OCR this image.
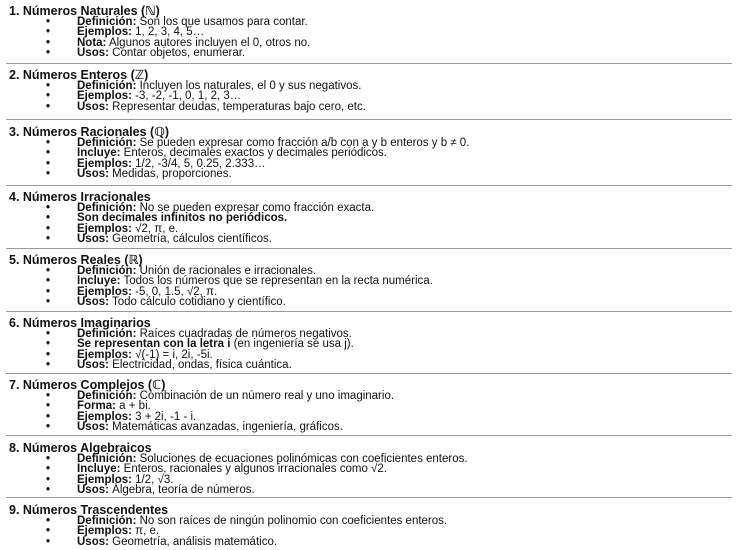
1. Números Naturales (ℕ)
• Definición: Son los que usamos para contar.
• Ejemplos: 1, 2, 3, 4, 5…
• Nota: Algunos autores incluyen el 0, otros no.
• Usos: Contar objetos, enumerar.
2. Números Enteros (ℤ)
• Definición: Incluyen los naturales, el 0 y sus negativos.
• Ejemplos: -3, -2, -1, 0, 1, 2, 3…
• Usos: Representar deudas, temperaturas bajo cero, etc.
3. Números Racionales (ℚ)
• Definición: Se pueden expresar como fracción a/b con a y b enteros y b ≠ 0.
• Incluye: Enteros, decimales exactos y decimales periódicos.
• Ejemplos: 1/2, -3/4, 5, 0.25, 2.333…
• Usos: Medidas, proporciones.
4. Números Irracionales
• Definición: No se pueden expresar como fracción exacta.
• Son decimales infinitos no periódicos.
• Ejemplos: √2, π, e.
• Usos: Geometría, cálculos científicos.
5. Números Reales (ℝ)
• Definición: Unión de racionales e irracionales.
• Incluye: Todos los números que se representan en la recta numérica.
• Ejemplos: -5, 0, 1.5, √2, π.
• Usos: Todo cálculo cotidiano y científico.
6. Números Imaginarios
• Definición: Raíces cuadradas de números negativos.
• Se representan con la letra i (en ingeniería se usa j).
• Ejemplos: √(-1) = i, 2i, -5i.
• Usos: Electricidad, ondas, física cuántica.
7. Números Complejos (ℂ)
• Definición: Combinación de un número real y uno imaginario.
• Forma: a + bi.
• Ejemplos: 3 + 2i, -1 - i.
• Usos: Matemáticas avanzadas, ingeniería, gráficos.
8. Números Algebraicos
• Definición: Soluciones de ecuaciones polinómicas con coeficientes enteros.
• Incluye: Enteros, racionales y algunos irracionales como √2.
• Ejemplos: 1/2, √3.
• Usos: Álgebra, teoría de números.
9. Números Trascendentes
• Definición: No son raíces de ningún polinomio con coeficientes enteros.
• Ejemplos: π, e.
• Usos: Geometría, análisis matemático.
